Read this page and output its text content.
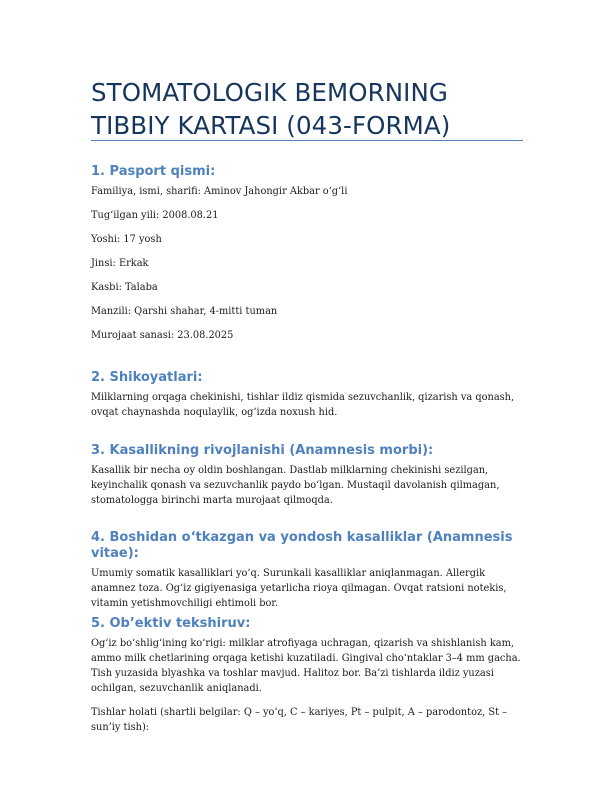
STOMATOLOGIK BEMORNING TIBBIY KARTASI (043-FORMA)
1. Pasport qismi:

Familiya, ismi, sharifi: Aminov Jahongir Akbar o‘g‘li

Tug‘ilgan yili: 2008.08.21

Yoshi: 17 yosh

Jinsi: Erkak

Kasbi: Talaba

Manzili: Qarshi shahar, 4-mitti tuman

Murojaat sanasi: 23.08.2025

2. Shikoyatlari:

Milklarning orqaga chekinishi, tishlar ildiz qismida sezuvchanlik, qizarish va qonash, ovqat chaynashda noqulaylik, og‘izda noxush hid.

3. Kasallikning rivojlanishi (Anamnesis morbi):

Kasallik bir necha oy oldin boshlangan. Dastlab milklarning chekinishi sezilgan, keyinchalik qonash va sezuvchanlik paydo bo‘lgan. Mustaqil davolanish qilmagan, stomatologga birinchi marta murojaat qilmoqda.

4. Boshidan o‘tkazgan va yondosh kasalliklar (Anamnesis vitae):

Umumiy somatik kasalliklari yo‘q. Surunkali kasalliklar aniqlanmagan. Allergik anamnez toza. Og‘iz gigiyenasiga yetarlicha rioya qilmagan. Ovqat ratsioni notekis, vitamin yetishmovchiligi ehtimoli bor.

5. Ob’ektiv tekshiruv:

Og‘iz bo‘shlig‘ining ko‘rigi: milklar atrofiyaga uchragan, qizarish va shishlanish kam, ammo milk chetlarining orqaga ketishi kuzatiladi. Gingival cho‘ntaklar 3–4 mm gacha. Tish yuzasida blyashka va toshlar mavjud. Halitoz bor. Ba’zi tishlarda ildiz yuzasi ochilgan, sezuvchanlik aniqlanadi.

Tishlar holati (shartli belgilar: Q – yo‘q, C – kariyes, Pt – pulpit, A – parodontoz, St – sun’iy tish):
